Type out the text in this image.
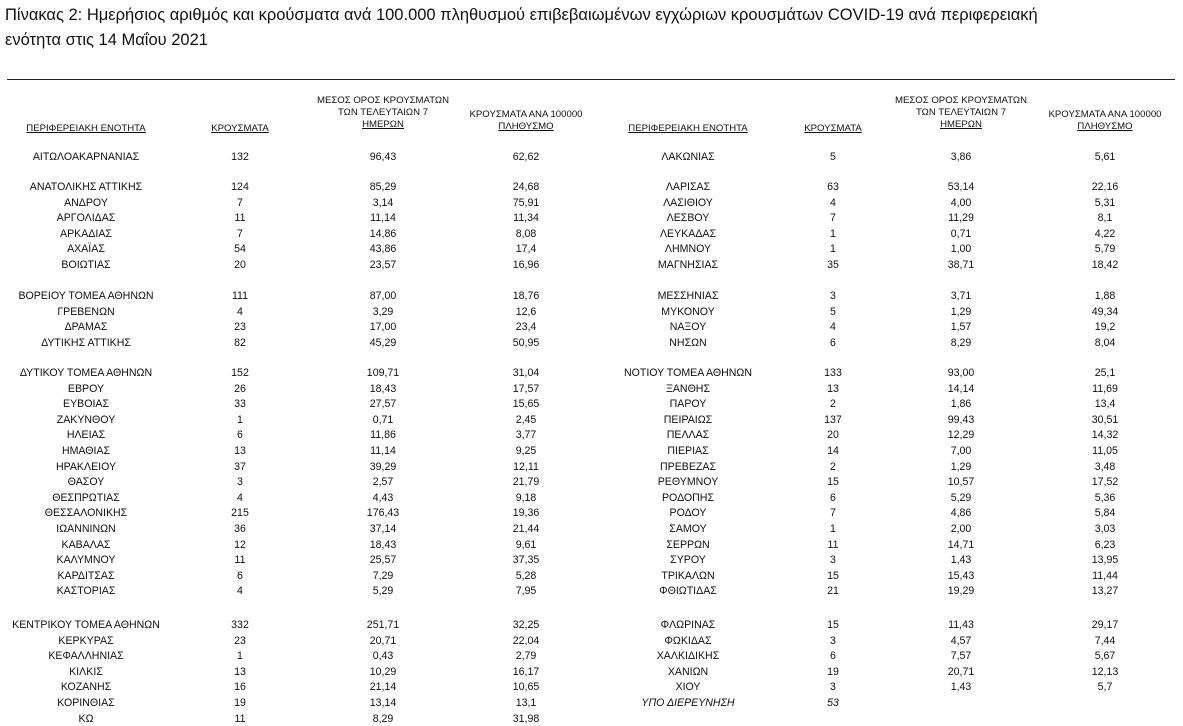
Πίνακας 2: Ημερήσιος αριθμός και κρούσματα ανά 100.000 πληθυσμού επιβεβαιωμένων εγχώριων κρουσμάτων COVID-19 ανά περιφερειακή
ενότητα στις 14 Μαΐου 2021
ΠΕΡΙΦΕΡΕΙΑΚΗ ΕΝΟΤΗΤΑ	ΚΡΟΥΣΜΑΤΑ
ΜΕΣΟΣ ΟΡΟΣ ΚΡΟΥΣΜΑΤΩΝ
ΤΩΝ ΤΕΛΕΥΤΑΙΩΝ 7
ΗΜΕΡΩΝ
ΚΡΟΥΣΜΑΤΑ ΑΝΑ 100000
ΠΛΗΘΥΣΜΟ	ΠΕΡΙΦΕΡΕΙΑΚΗ ΕΝΟΤΗΤΑ	ΚΡΟΥΣΜΑΤΑ
ΜΕΣΟΣ ΟΡΟΣ ΚΡΟΥΣΜΑΤΩΝ
ΤΩΝ ΤΕΛΕΥΤΑΙΩΝ 7
ΗΜΕΡΩΝ
ΚΡΟΥΣΜΑΤΑ ΑΝΑ 100000
ΠΛΗΘΥΣΜΟ
ΑΙΤΩΛΟΑΚΑΡΝΑΝΙΑΣ	132	96,43	62,62
ΑΝΑΤΟΛΙΚΗΣ ΑΤΤΙΚΗΣ	124	85,29	24,68
ΑΝΔΡΟΥ	7	3,14	75,91
ΑΡΓΟΛΙΔΑΣ	11	11,14	11,34
ΑΡΚΑΔΙΑΣ	7	14,86	8,08
ΑΧΑΪΑΣ	54	43,86	17,4
ΒΟΙΩΤΙΑΣ	20	23,57	16,96
ΒΟΡΕΙΟΥ ΤΟΜΕΑ ΑΘΗΝΩΝ	111	87,00	18,76
ΓΡΕΒΕΝΩΝ	4	3,29	12,6
ΔΡΑΜΑΣ	23	17,00	23,4
ΔΥΤΙΚΗΣ ΑΤΤΙΚΗΣ	82	45,29	50,95
ΔΥΤΙΚΟΥ ΤΟΜΕΑ ΑΘΗΝΩΝ	152	109,71	31,04
ΕΒΡΟΥ	26	18,43	17,57
ΕΥΒΟΙΑΣ	33	27,57	15,65
ΖΑΚΥΝΘΟΥ	1	0,71	2,45
ΗΛΕΙΑΣ	6	11,86	3,77
ΗΜΑΘΙΑΣ	13	11,14	9,25
ΗΡΑΚΛΕΙΟΥ	37	39,29	12,11
ΘΑΣΟΥ	3	2,57	21,79
ΘΕΣΠΡΩΤΙΑΣ	4	4,43	9,18
ΘΕΣΣΑΛΟΝΙΚΗΣ	215	176,43	19,36
ΙΩΑΝΝΙΝΩΝ	36	37,14	21,44
ΚΑΒΑΛΑΣ	12	18,43	9,61
ΚΑΛΥΜΝΟΥ	11	25,57	37,35
ΚΑΡΔΙΤΣΑΣ	6	7,29	5,28
ΚΑΣΤΟΡΙΑΣ	4	5,29	7,95
ΚΕΝΤΡΙΚΟΥ ΤΟΜΕΑ ΑΘΗΝΩΝ	332	251,71	32,25
ΚΕΡΚΥΡΑΣ	23	20,71	22,04
ΚΕΦΑΛΛΗΝΙΑΣ	1	0,43	2,79
ΚΙΛΚΙΣ	13	10,29	16,17
ΚΟΖΑΝΗΣ	16	21,14	10,65
ΚΟΡΙΝΘΙΑΣ	19	13,14	13,1
ΚΩ	11	8,29	31,98
ΛΑΚΩΝΙΑΣ	5	3,86	5,61
ΛΑΡΙΣΑΣ	63	53,14	22,16
ΛΑΣΙΘΙΟΥ	4	4,00	5,31
ΛΕΣΒΟΥ	7	11,29	8,1
ΛΕΥΚΑΔΑΣ	1	0,71	4,22
ΛΗΜΝΟΥ	1	1,00	5,79
ΜΑΓΝΗΣΙΑΣ	35	38,71	18,42
ΜΕΣΣΗΝΙΑΣ	3	3,71	1,88
ΜΥΚΟΝΟΥ	5	1,29	49,34
ΝΑΞΟΥ	4	1,57	19,2
ΝΗΣΩΝ	6	8,29	8,04
ΝΟΤΙΟΥ ΤΟΜΕΑ ΑΘΗΝΩΝ	133	93,00	25,1
ΞΑΝΘΗΣ	13	14,14	11,69
ΠΑΡΟΥ	2	1,86	13,4
ΠΕΙΡΑΙΩΣ	137	99,43	30,51
ΠΕΛΛΑΣ	20	12,29	14,32
ΠΙΕΡΙΑΣ	14	7,00	11,05
ΠΡΕΒΕΖΑΣ	2	1,29	3,48
ΡΕΘΥΜΝΟΥ	15	10,57	17,52
ΡΟΔΟΠΗΣ	6	5,29	5,36
ΡΟΔΟΥ	7	4,86	5,84
ΣΑΜΟΥ	1	2,00	3,03
ΣΕΡΡΩΝ	11	14,71	6,23
ΣΥΡΟΥ	3	1,43	13,95
ΤΡΙΚΑΛΩΝ	15	15,43	11,44
ΦΘΙΩΤΙΔΑΣ	21	19,29	13,27
ΦΛΩΡΙΝΑΣ	15	11,43	29,17
ΦΩΚΙΔΑΣ	3	4,57	7,44
ΧΑΛΚΙΔΙΚΗΣ	6	7,57	5,67
ΧΑΝΙΩΝ	19	20,71	12,13
ΧΙΟΥ	3	1,43	5,7
ΥΠΟ ΔΙΕΡΕΥΝΗΣΗ	53
